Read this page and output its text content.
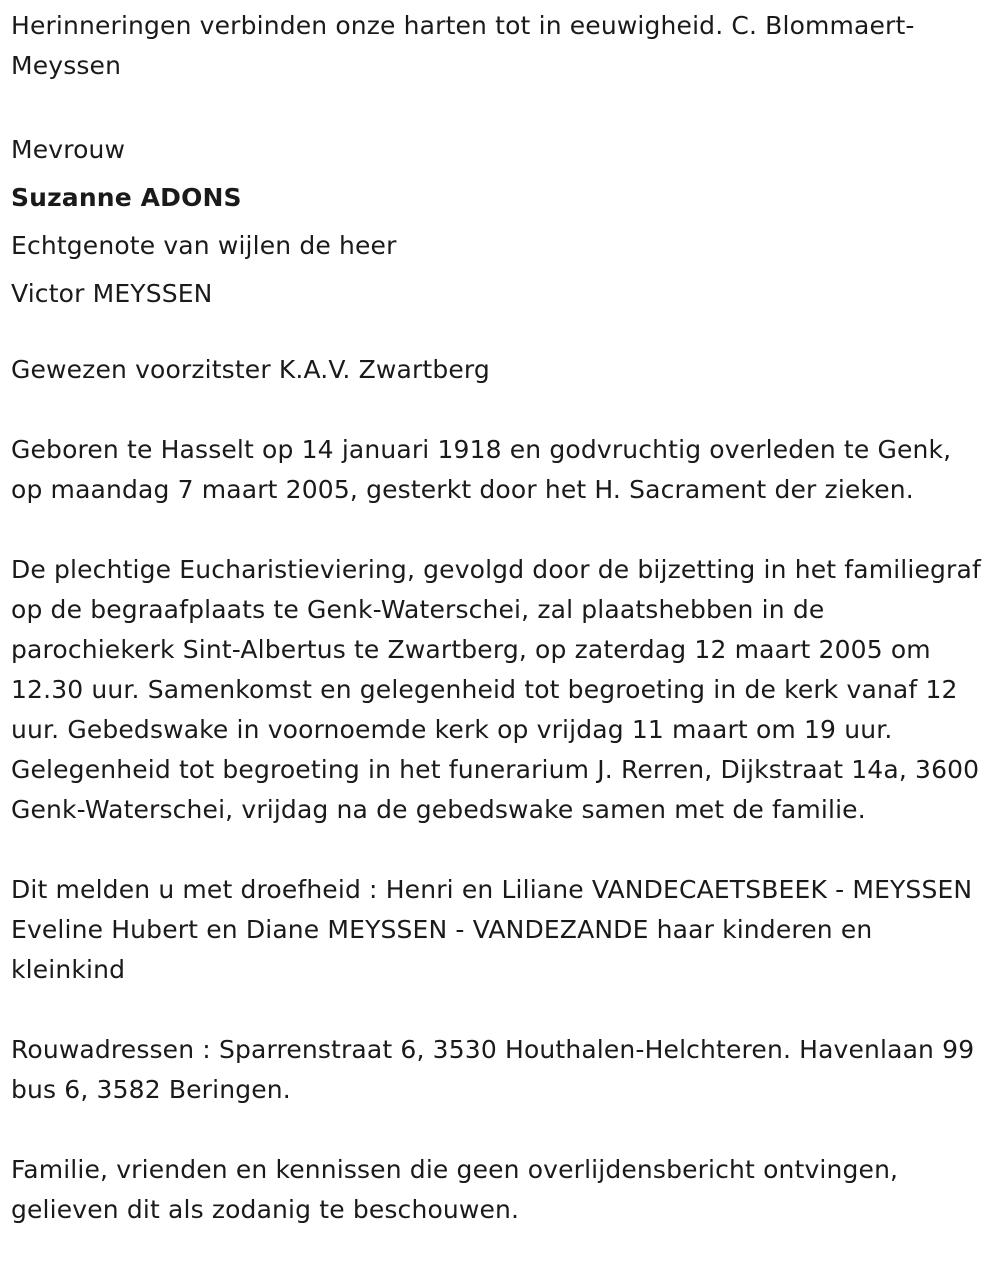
Herinneringen verbinden onze harten tot in eeuwigheid. C. Blommaert-Meyssen

Mevrouw
Suzanne ADONS
Echtgenote van wijlen de heer
Victor MEYSSEN

Gewezen voorzitster K.A.V. Zwartberg

Geboren te Hasselt op 14 januari 1918 en godvruchtig overleden te Genk, op maandag 7 maart 2005, gesterkt door het H. Sacrament der zieken.

De plechtige Eucharistieviering, gevolgd door de bijzetting in het familiegraf op de begraafplaats te Genk-Waterschei, zal plaatshebben in de parochiekerk Sint-Albertus te Zwartberg, op zaterdag 12 maart 2005 om 12.30 uur. Samenkomst en gelegenheid tot begroeting in de kerk vanaf 12 uur. Gebedswake in voornoemde kerk op vrijdag 11 maart om 19 uur. Gelegenheid tot begroeting in het funerarium J. Rerren, Dijkstraat 14a, 3600 Genk-Waterschei, vrijdag na de gebedswake samen met de familie.

Dit melden u met droefheid : Henri en Liliane VANDECAETSBEEK - MEYSSEN Eveline Hubert en Diane MEYSSEN - VANDEZANDE haar kinderen en kleinkind

Rouwadressen : Sparrenstraat 6, 3530 Houthalen-Helchteren. Havenlaan 99 bus 6, 3582 Beringen.

Familie, vrienden en kennissen die geen overlijdensbericht ontvingen, gelieven dit als zodanig te beschouwen.
